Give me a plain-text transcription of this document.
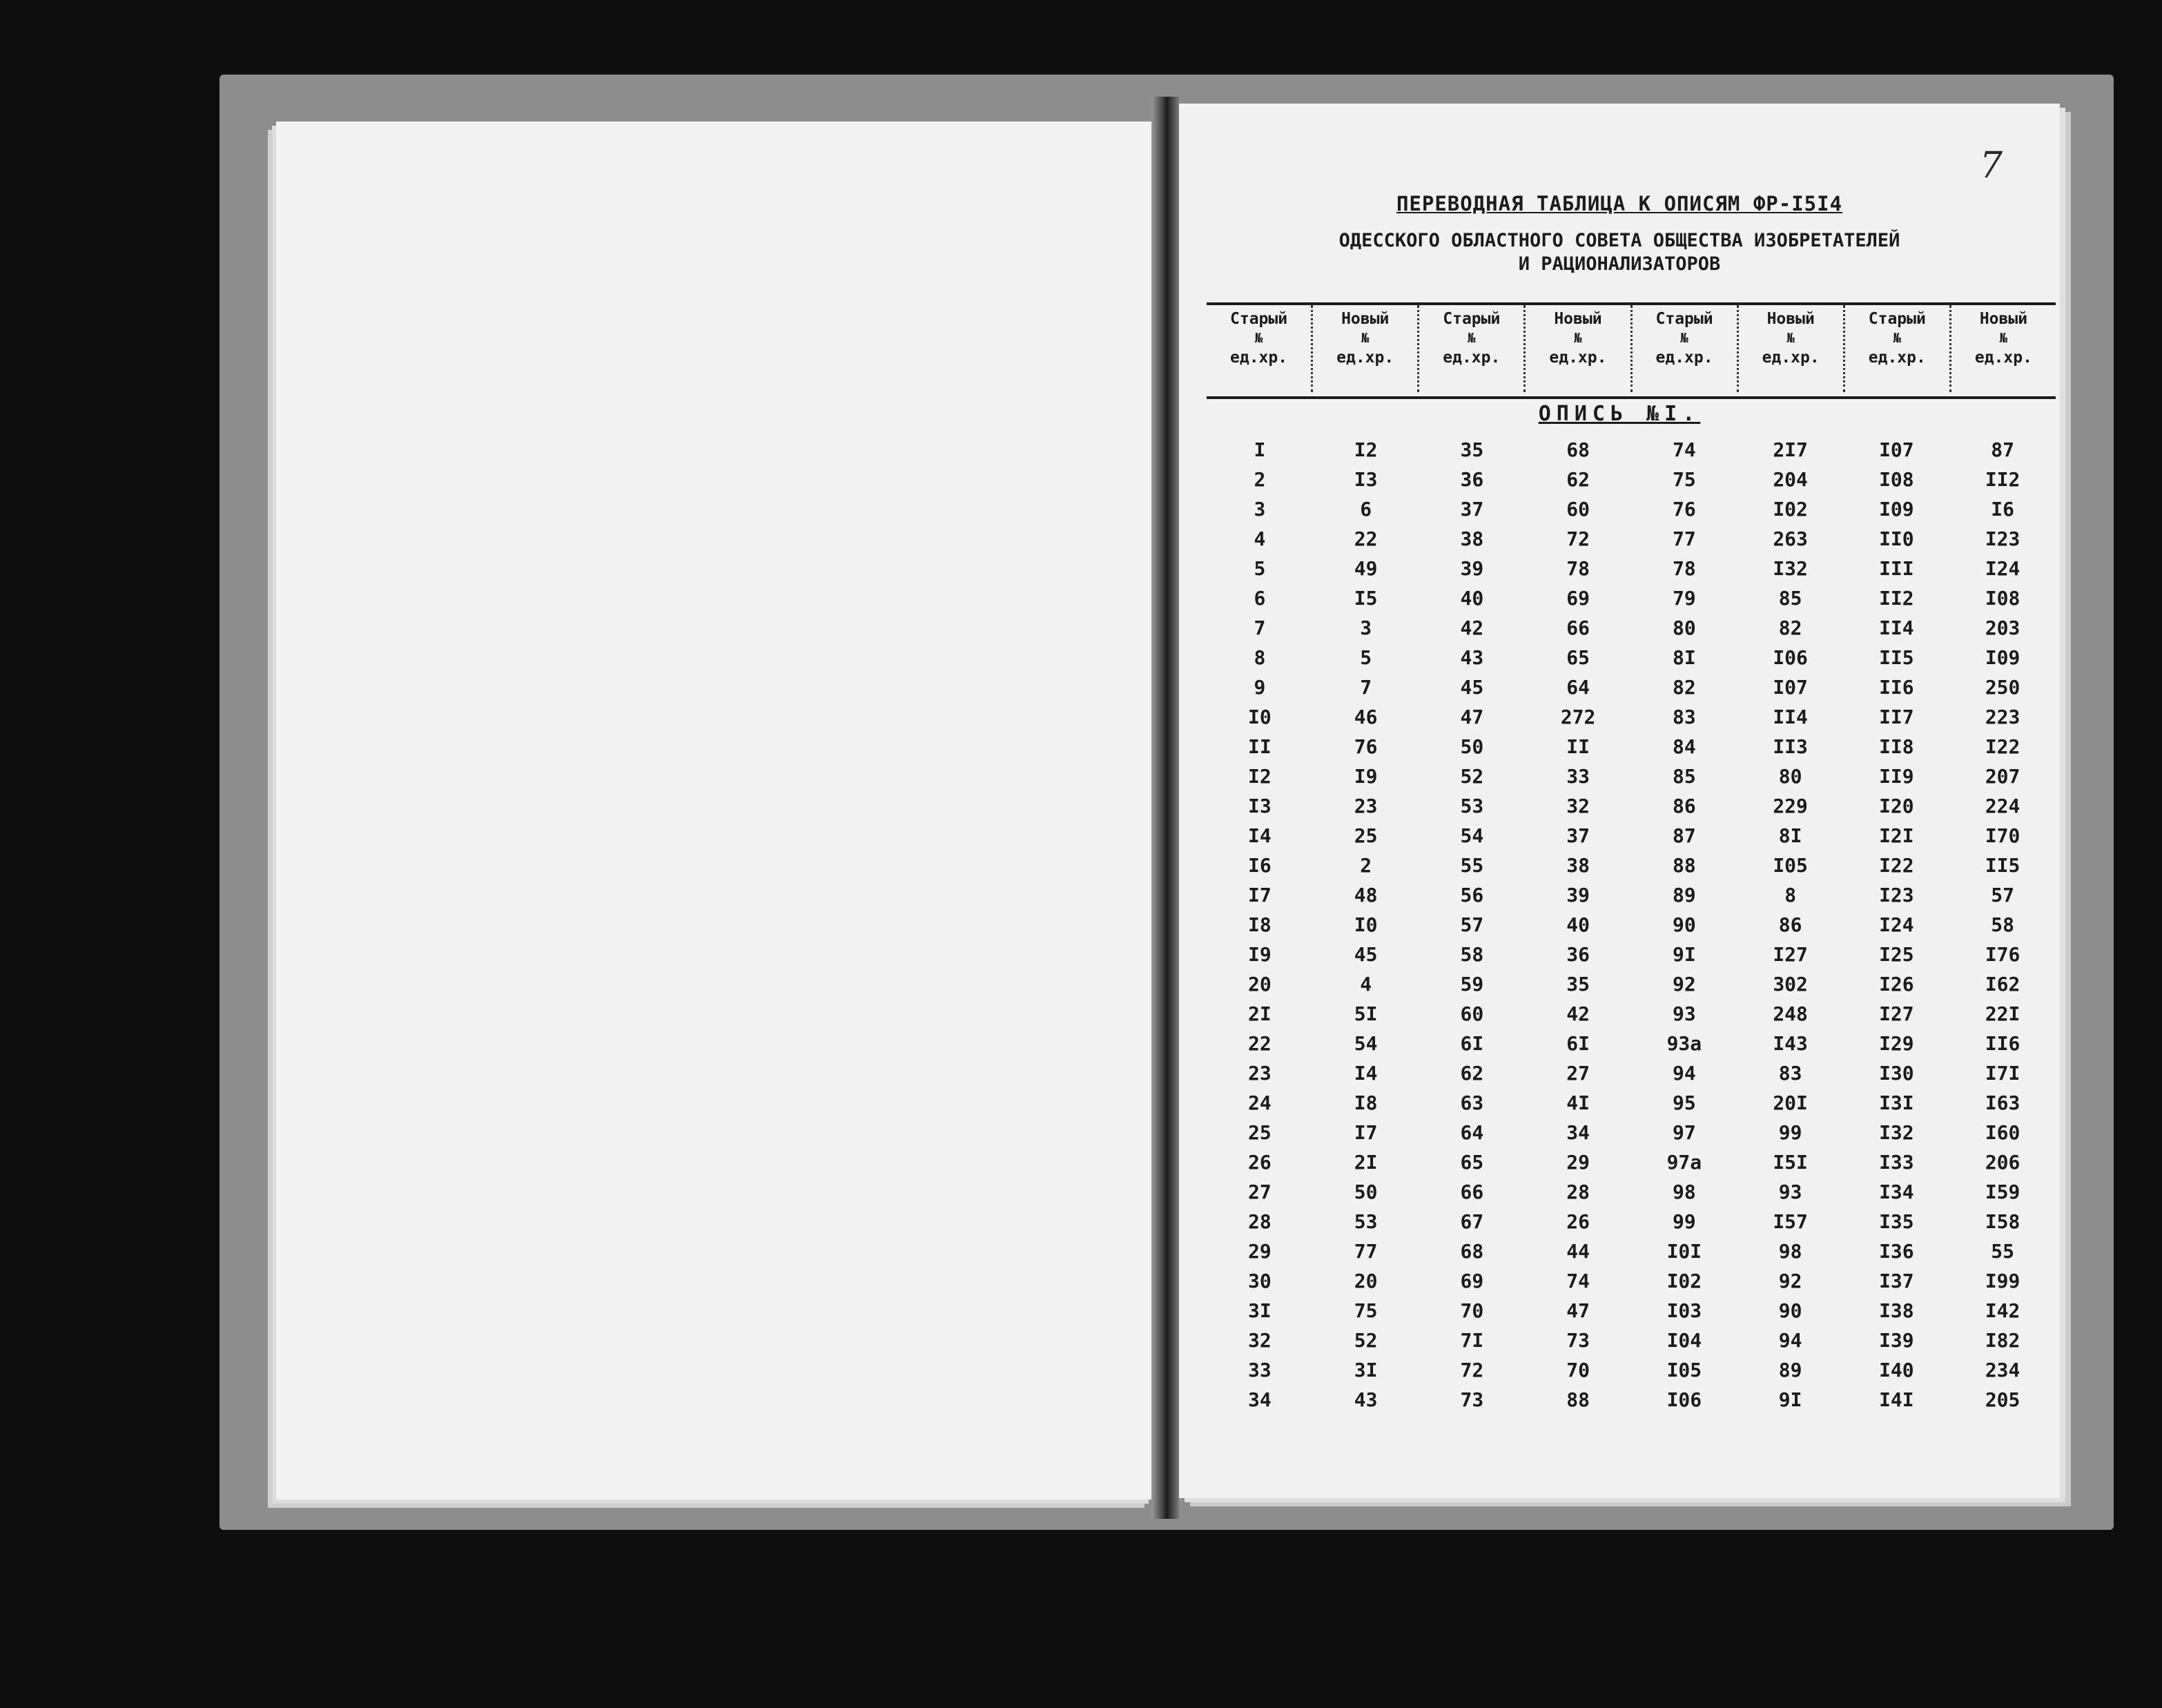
7
ПЕРЕВОДНАЯ ТАБЛИЦА К ОПИСЯМ ФР-I5I4
ОДЕССКОГО ОБЛАСТНОГО СОВЕТА ОБЩЕСТВА ИЗОБРЕТАТЕЛЕЙ
И РАЦИОНАЛИЗАТОРОВ
Старый
№
ед.хр.
Новый
№
ед.хр.
Старый
№
ед.хр.
Новый
№
ед.хр.
Старый
№
ед.хр.
Новый
№
ед.хр.
Старый
№
ед.хр.
Новый
№
ед.хр.
ОПИСЬ №I.
I
2
3
4
5
6
7
8
9
I0
II
I2
I3
I4
I6
I7
I8
I9
20
2I
22
23
24
25
26
27
28
29
30
3I
32
33
34
I2
I3
6
22
49
I5
3
5
7
46
76
I9
23
25
2
48
I0
45
4
5I
54
I4
I8
I7
2I
50
53
77
20
75
52
3I
43
35
36
37
38
39
40
42
43
45
47
50
52
53
54
55
56
57
58
59
60
6I
62
63
64
65
66
67
68
69
70
7I
72
73
68
62
60
72
78
69
66
65
64
272
II
33
32
37
38
39
40
36
35
42
6I
27
4I
34
29
28
26
44
74
47
73
70
88
74
75
76
77
78
79
80
8I
82
83
84
85
86
87
88
89
90
9I
92
93
93а
94
95
97
97а
98
99
I0I
I02
I03
I04
I05
I06
2I7
204
I02
263
I32
85
82
I06
I07
II4
II3
80
229
8I
I05
8
86
I27
302
248
I43
83
20I
99
I5I
93
I57
98
92
90
94
89
9I
I07
I08
I09
II0
III
II2
II4
II5
II6
II7
II8
II9
I20
I2I
I22
I23
I24
I25
I26
I27
I29
I30
I3I
I32
I33
I34
I35
I36
I37
I38
I39
I40
I4I
87
II2
I6
I23
I24
I08
203
I09
250
223
I22
207
224
I70
II5
57
58
I76
I62
22I
II6
I7I
I63
I60
206
I59
I58
55
I99
I42
I82
234
205
